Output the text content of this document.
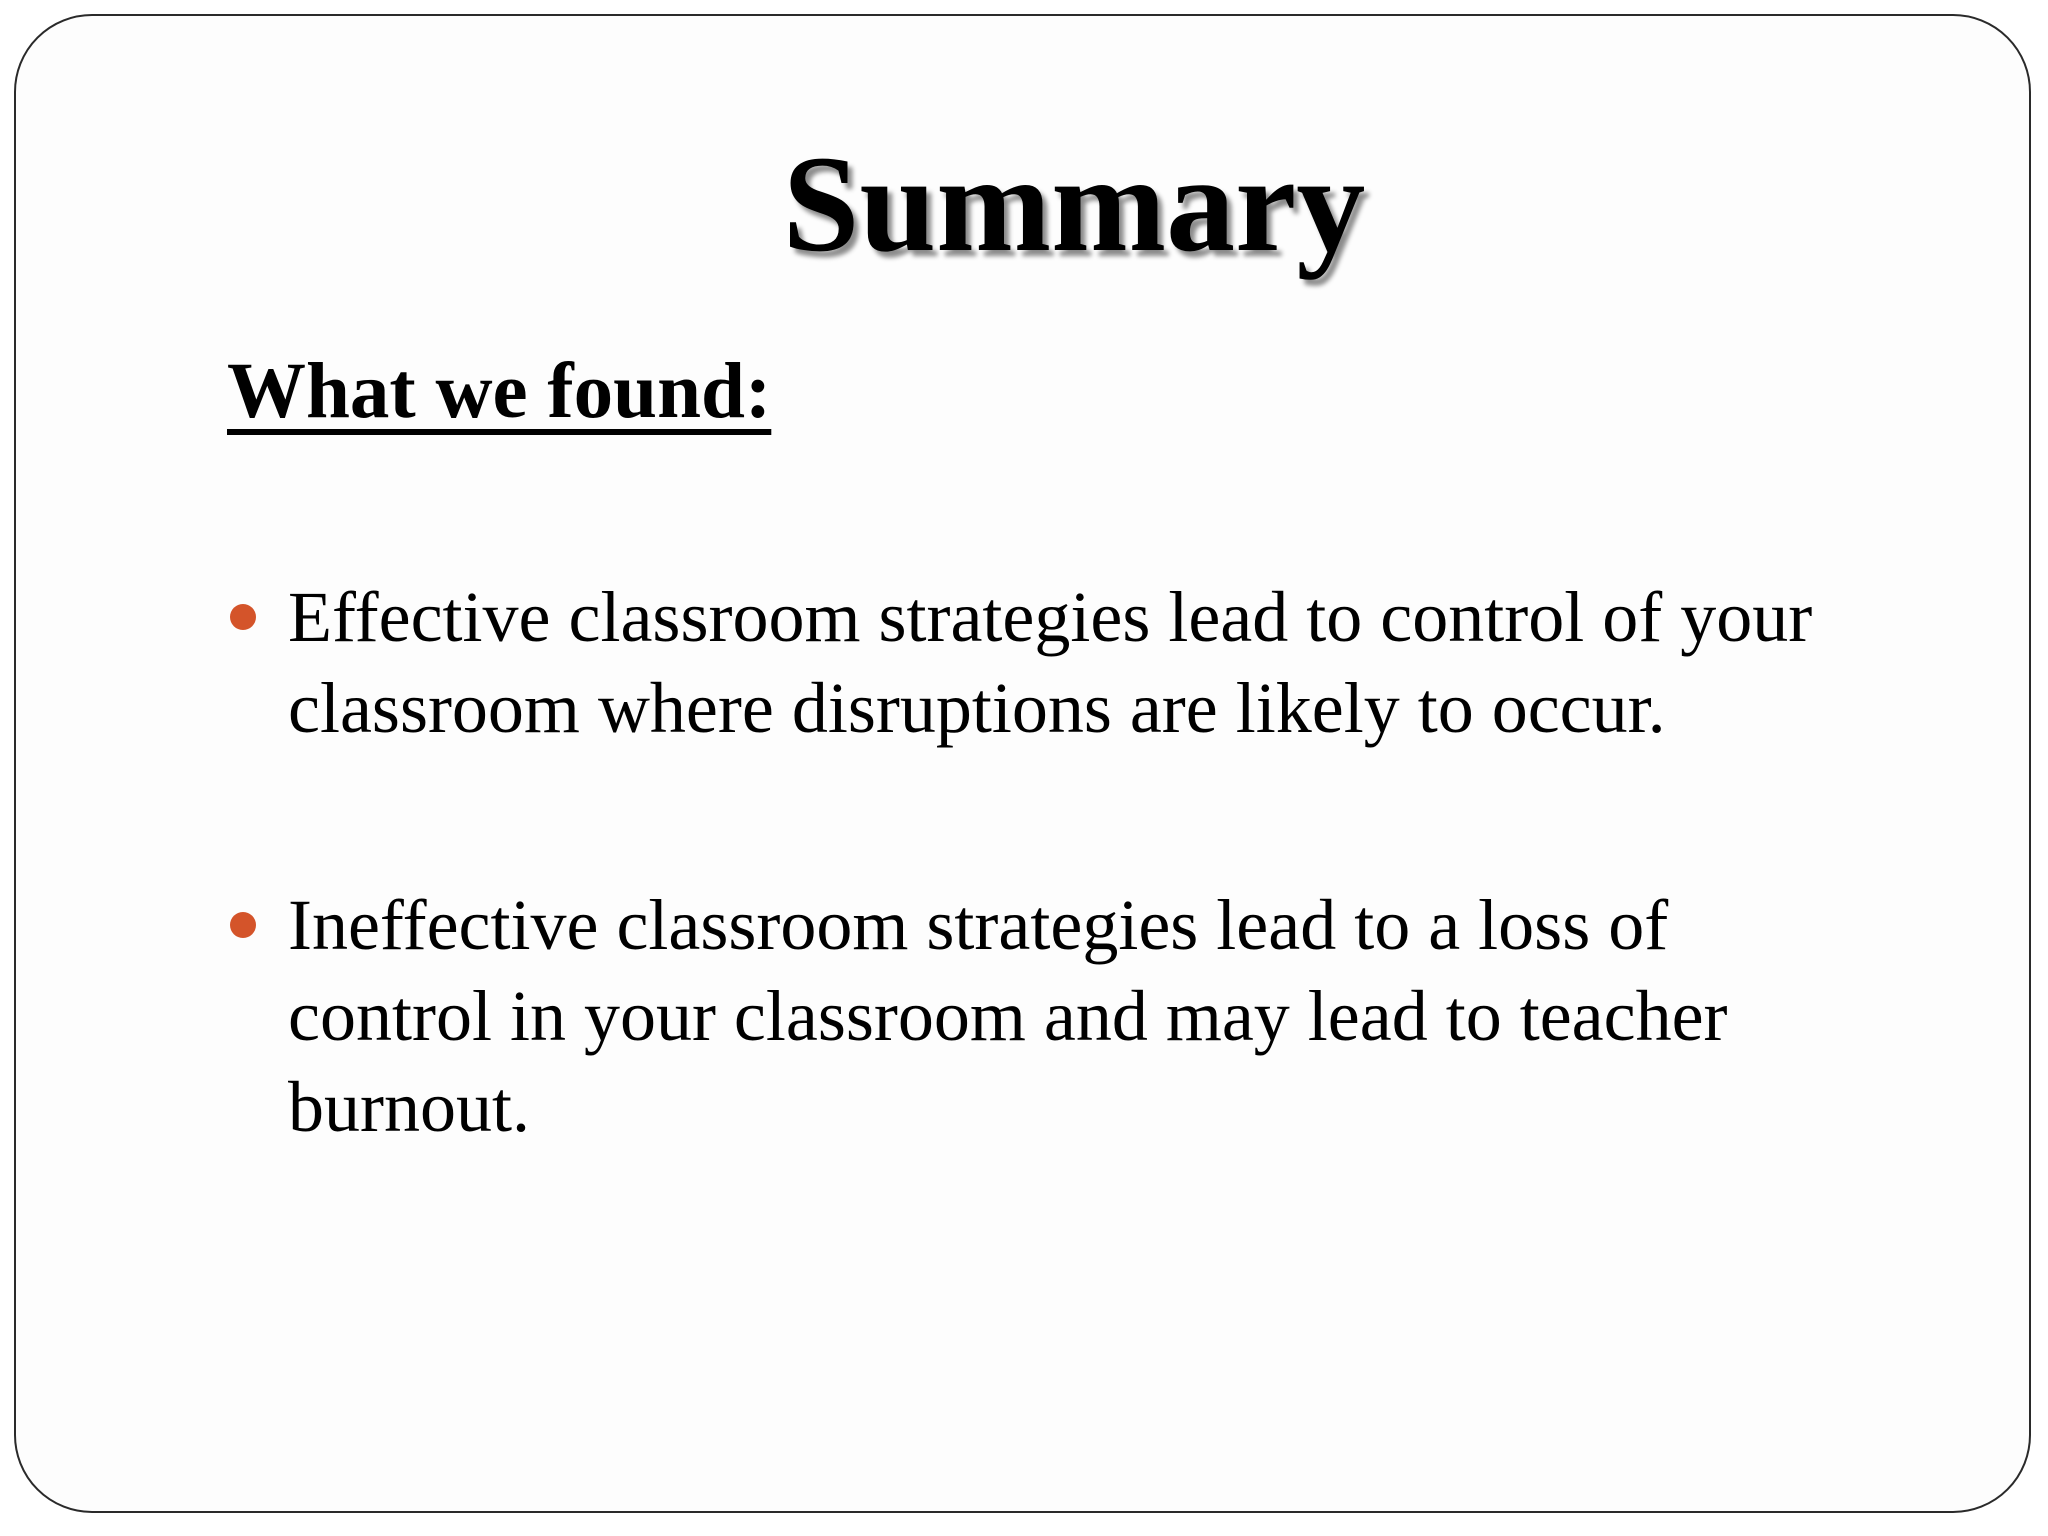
Summary
What we found:
Effective classroom strategies lead to control of your
classroom where disruptions are likely to occur.
Ineffective classroom strategies lead to a loss of
control in your classroom and may lead to teacher
burnout.
